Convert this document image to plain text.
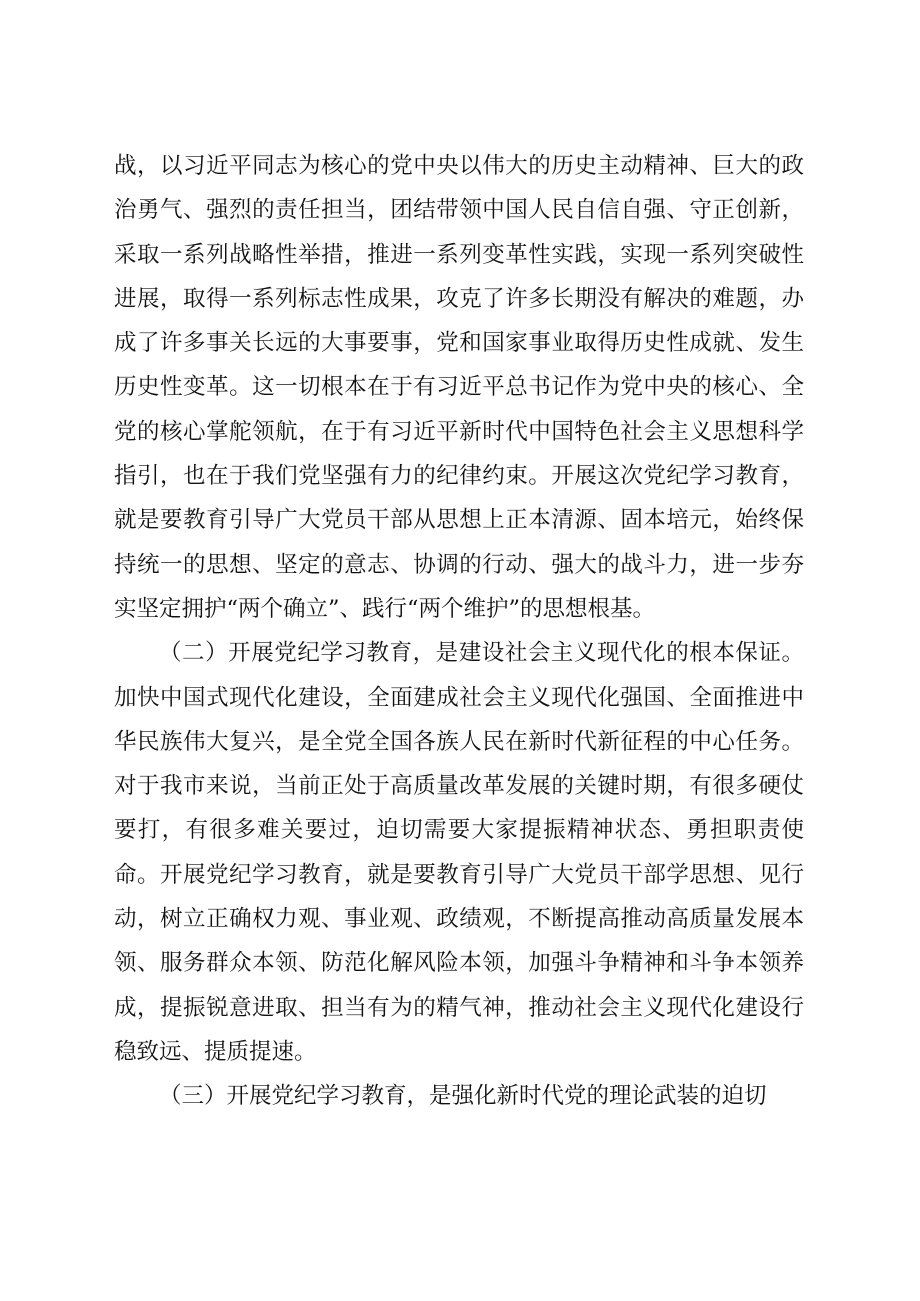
战，以习近平同志为核心的党中央以伟大的历史主动精神、巨大的政治勇气、强烈的责任担当，团结带领中国人民自信自强、守正创新，采取一系列战略性举措，推进一系列变革性实践，实现一系列突破性进展，取得一系列标志性成果，攻克了许多长期没有解决的难题，办成了许多事关长远的大事要事，党和国家事业取得历史性成就、发生历史性变革。这一切根本在于有习近平总书记作为党中央的核心、全党的核心掌舵领航，在于有习近平新时代中国特色社会主义思想科学指引，也在于我们党坚强有力的纪律约束。开展这次党纪学习教育，就是要教育引导广大党员干部从思想上正本清源、固本培元，始终保持统一的思想、坚定的意志、协调的行动、强大的战斗力，进一步夯实坚定拥护“两个确立”、践行“两个维护”的思想根基。

（二）开展党纪学习教育，是建设社会主义现代化的根本保证。加快中国式现代化建设，全面建成社会主义现代化强国、全面推进中华民族伟大复兴，是全党全国各族人民在新时代新征程的中心任务。对于我市来说，当前正处于高质量改革发展的关键时期，有很多硬仗要打，有很多难关要过，迫切需要大家提振精神状态、勇担职责使命。开展党纪学习教育，就是要教育引导广大党员干部学思想、见行动，树立正确权力观、事业观、政绩观，不断提高推动高质量发展本领、服务群众本领、防范化解风险本领，加强斗争精神和斗争本领养成，提振锐意进取、担当有为的精气神，推动社会主义现代化建设行稳致远、提质提速。

（三）开展党纪学习教育，是强化新时代党的理论武装的迫切
